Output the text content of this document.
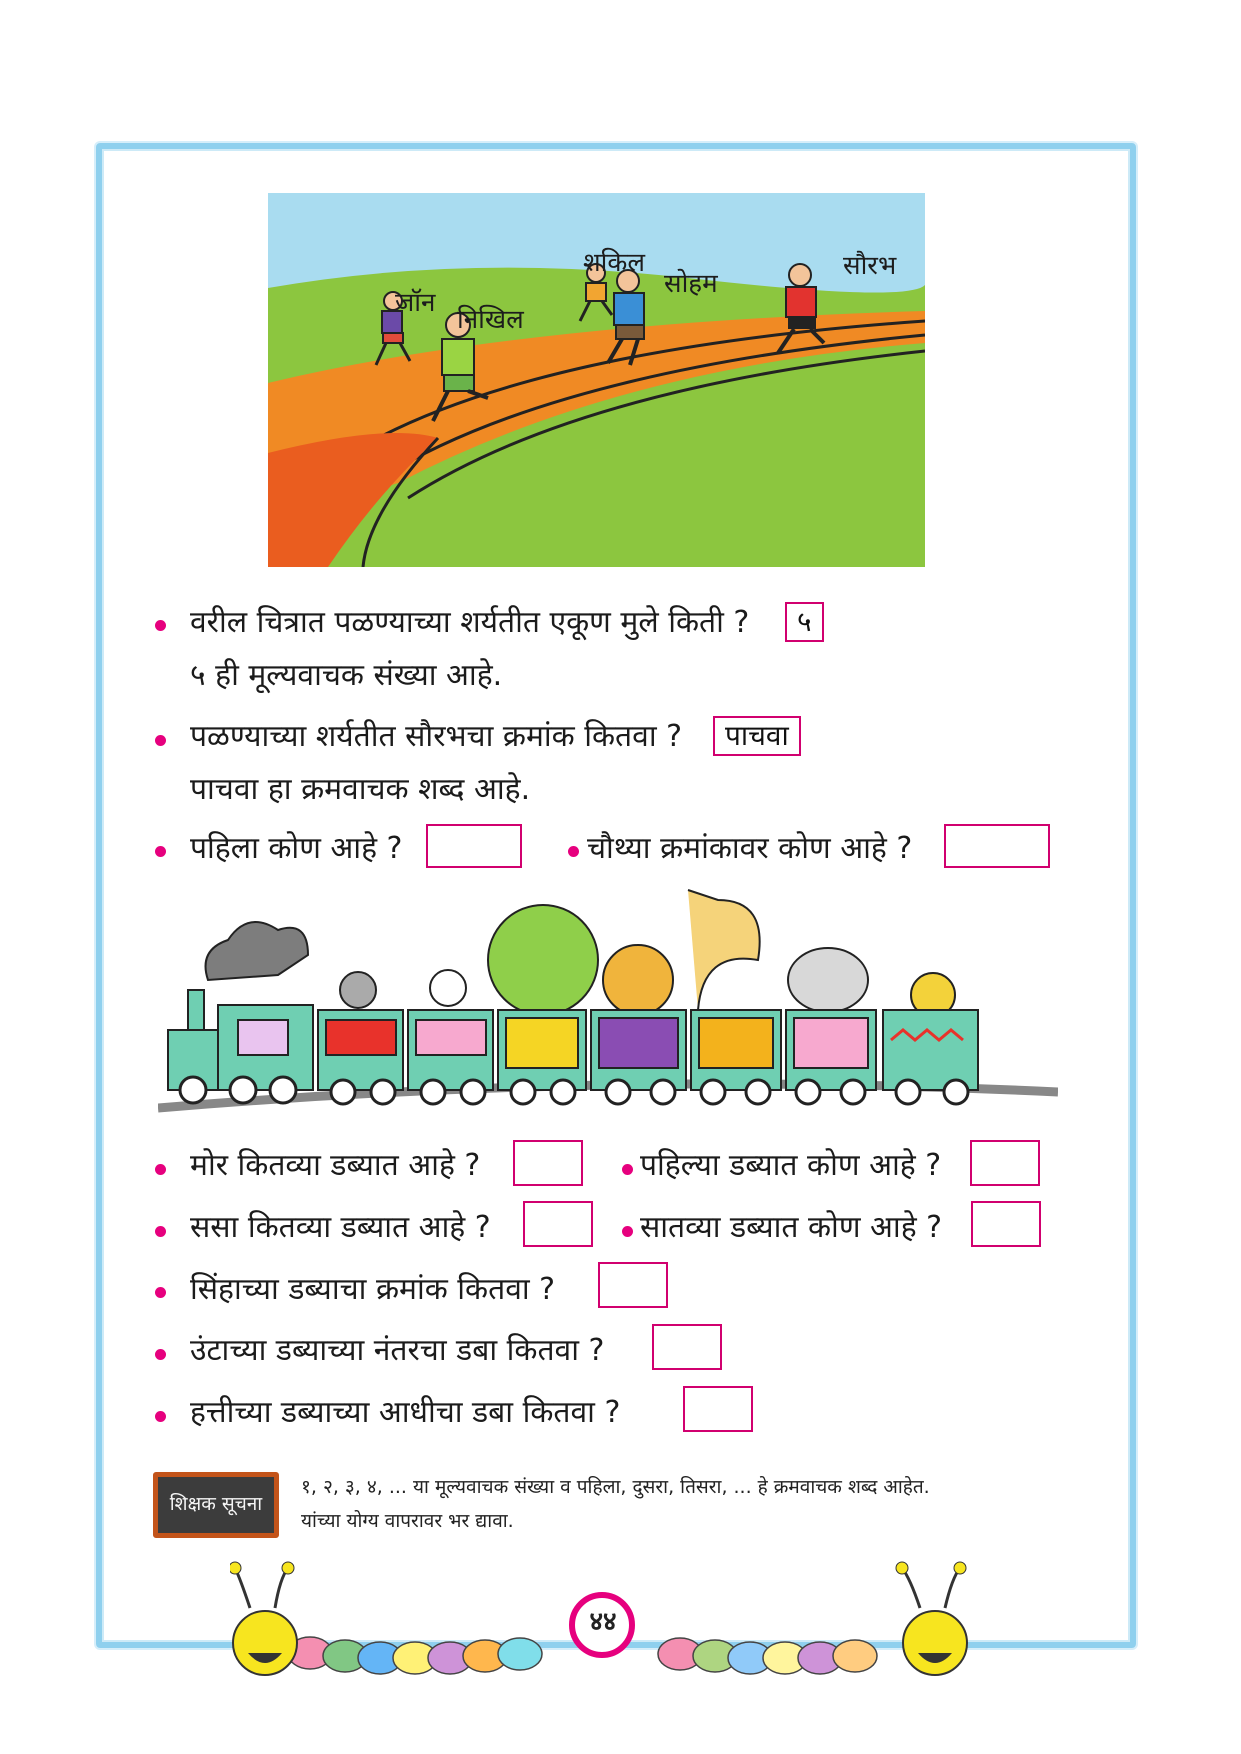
जॉन
निखिल
शकिल
सोहम
सौरभ
वरील चित्रात पळण्याच्या शर्यतीत एकूण मुले किती ?	५
५ ही मूल्यवाचक संख्या आहे.
पळण्याच्या शर्यतीत सौरभचा क्रमांक कितवा ?	पाचवा
पाचवा हा क्रमवाचक शब्द आहे.
पहिला कोण आहे ?	चौथ्या क्रमांकावर कोण आहे ?
मोर कितव्या डब्यात आहे ?	पहिल्या डब्यात कोण आहे ?
ससा कितव्या डब्यात आहे ?	सातव्या डब्यात कोण आहे ?
सिंहाच्या डब्याचा क्रमांक कितवा ?
उंटाच्या डब्याच्या नंतरचा डबा कितवा ?
हत्तीच्या डब्याच्या आधीचा डबा कितवा ?
शिक्षक सूचना
१, २, ३, ४, ... या मूल्यवाचक संख्या व पहिला, दुसरा, तिसरा, ... हे क्रमवाचक शब्द आहेत.
यांच्या योग्य वापरावर भर द्यावा.
४४
